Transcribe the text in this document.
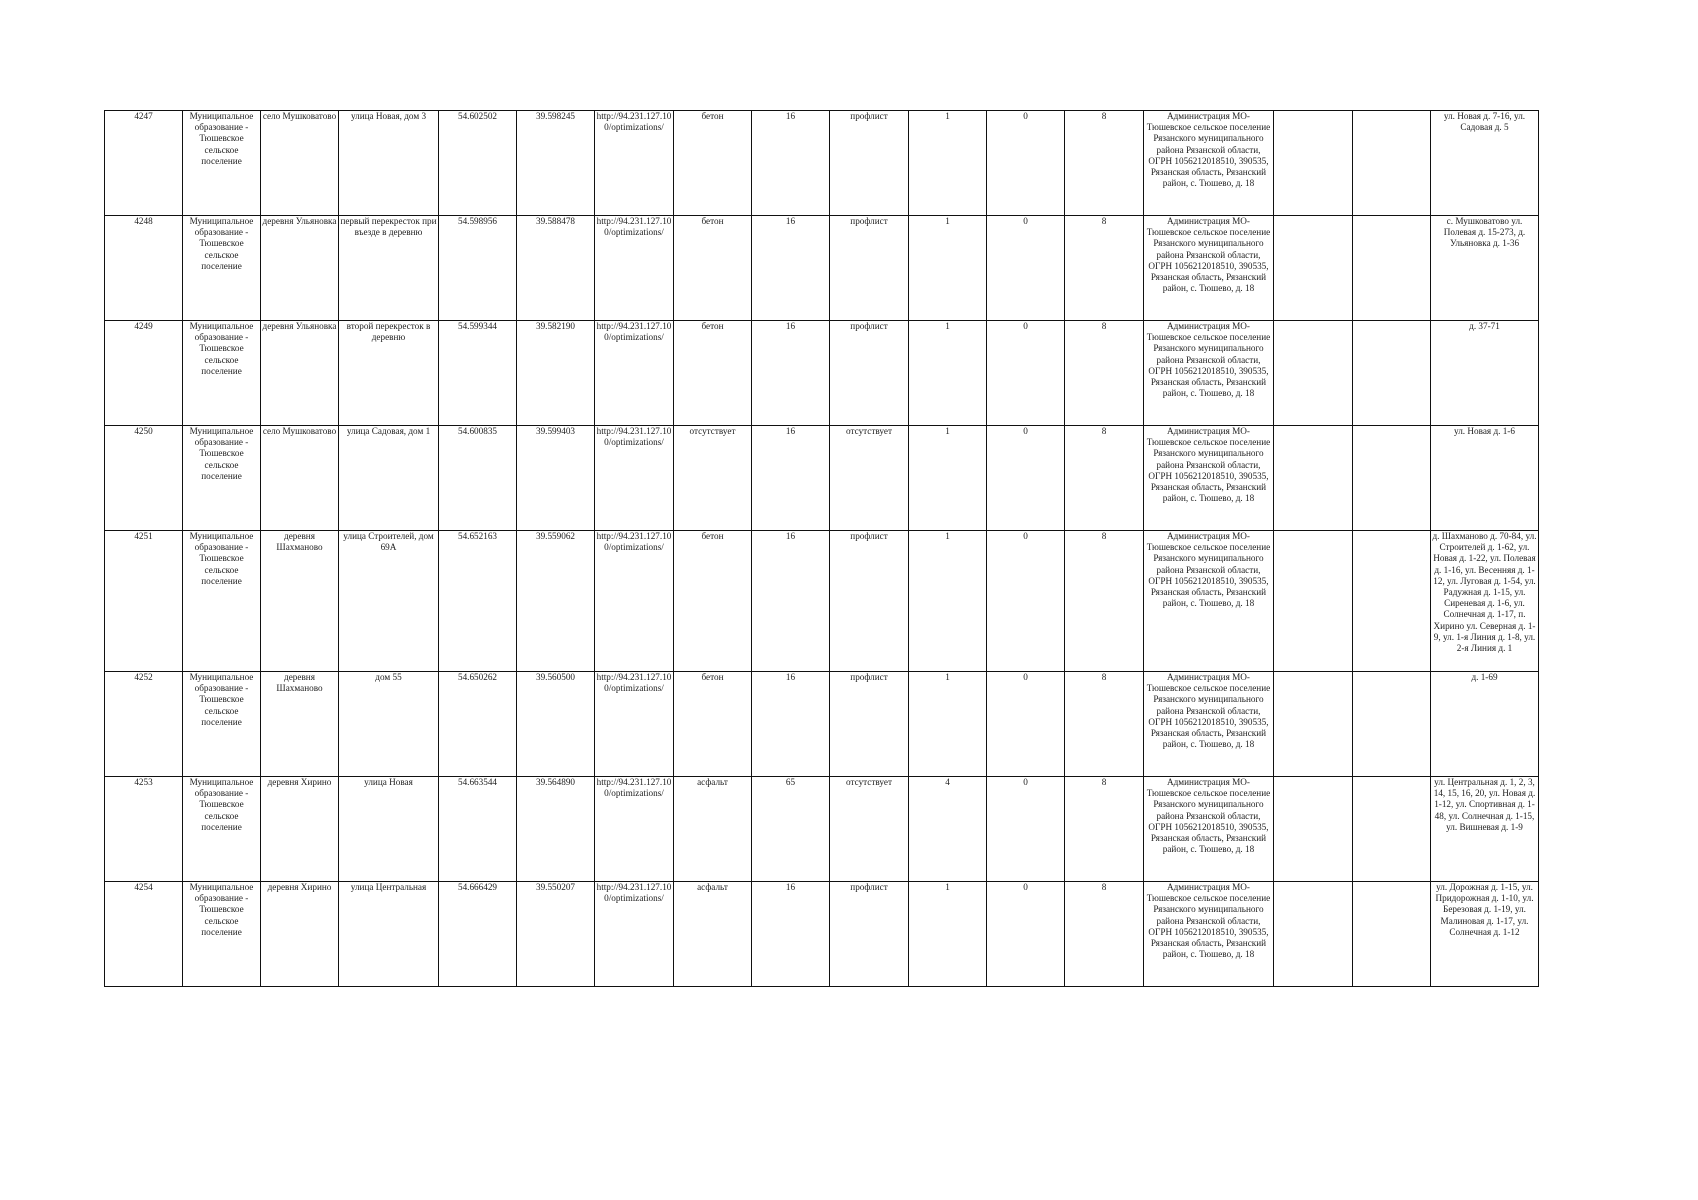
4247	Муниципальное образование - Тюшевское сельское поселение	село Мушковатово	улица Новая, дом 3	54.602502	39.598245	http://94.231.127.100/optimizations/	бетон	16	профлист	1	0	8	Администрация МО- Тюшевское сельское поселение Рязанского муниципального района Рязанской области, ОГРН 1056212018510, 390535, Рязанская область, Рязанский район, с. Тюшево, д. 18			ул. Новая д. 7-16, ул. Садовая д. 5
4248	Муниципальное образование - Тюшевское сельское поселение	деревня Ульяновка	первый перекресток при въезде в деревню	54.598956	39.588478	http://94.231.127.100/optimizations/	бетон	16	профлист	1	0	8	Администрация МО- Тюшевское сельское поселение Рязанского муниципального района Рязанской области, ОГРН 1056212018510, 390535, Рязанская область, Рязанский район, с. Тюшево, д. 18			с. Мушковатово ул. Полевая д. 15-273, д. Ульяновка д. 1-36
4249	Муниципальное образование - Тюшевское сельское поселение	деревня Ульяновка	второй перекресток в деревню	54.599344	39.582190	http://94.231.127.100/optimizations/	бетон	16	профлист	1	0	8	Администрация МО- Тюшевское сельское поселение Рязанского муниципального района Рязанской области, ОГРН 1056212018510, 390535, Рязанская область, Рязанский район, с. Тюшево, д. 18			д. 37-71
4250	Муниципальное образование - Тюшевское сельское поселение	село Мушковатово	улица Садовая, дом 1	54.600835	39.599403	http://94.231.127.100/optimizations/	отсутствует	16	отсутствует	1	0	8	Администрация МО- Тюшевское сельское поселение Рязанского муниципального района Рязанской области, ОГРН 1056212018510, 390535, Рязанская область, Рязанский район, с. Тюшево, д. 18			ул. Новая д. 1-6
4251	Муниципальное образование - Тюшевское сельское поселение	деревня Шахманово	улица Строителей, дом 69А	54.652163	39.559062	http://94.231.127.100/optimizations/	бетон	16	профлист	1	0	8	Администрация МО- Тюшевское сельское поселение Рязанского муниципального района Рязанской области, ОГРН 1056212018510, 390535, Рязанская область, Рязанский район, с. Тюшево, д. 18			д. Шахманово д. 70-84, ул. Строителей д. 1-62, ул. Новая д. 1-22, ул. Полевая д. 1-16, ул. Весенняя д. 1-12, ул. Луговая д. 1-54, ул. Радужная д. 1-15, ул. Сиреневая д. 1-6, ул. Солнечная д. 1-17, п. Хирино ул. Северная д. 1-9, ул. 1-я Линия д. 1-8, ул. 2-я Линия д. 1
4252	Муниципальное образование - Тюшевское сельское поселение	деревня Шахманово	дом 55	54.650262	39.560500	http://94.231.127.100/optimizations/	бетон	16	профлист	1	0	8	Администрация МО- Тюшевское сельское поселение Рязанского муниципального района Рязанской области, ОГРН 1056212018510, 390535, Рязанская область, Рязанский район, с. Тюшево, д. 18			д. 1-69
4253	Муниципальное образование - Тюшевское сельское поселение	деревня Хирино	улица Новая	54.663544	39.564890	http://94.231.127.100/optimizations/	асфальт	65	отсутствует	4	0	8	Администрация МО- Тюшевское сельское поселение Рязанского муниципального района Рязанской области, ОГРН 1056212018510, 390535, Рязанская область, Рязанский район, с. Тюшево, д. 18			ул. Центральная д. 1, 2, 3, 14, 15, 16, 20, ул. Новая д. 1-12, ул. Спортивная д. 1-48, ул. Солнечная д. 1-15, ул. Вишневая д. 1-9
4254	Муниципальное образование - Тюшевское сельское поселение	деревня Хирино	улица Центральная	54.666429	39.550207	http://94.231.127.100/optimizations/	асфальт	16	профлист	1	0	8	Администрация МО- Тюшевское сельское поселение Рязанского муниципального района Рязанской области, ОГРН 1056212018510, 390535, Рязанская область, Рязанский район, с. Тюшево, д. 18			ул. Дорожная д. 1-15, ул. Придорожная д. 1-10, ул. Березовая д. 1-19, ул. Малиновая д. 1-17, ул. Солнечная д. 1-12
